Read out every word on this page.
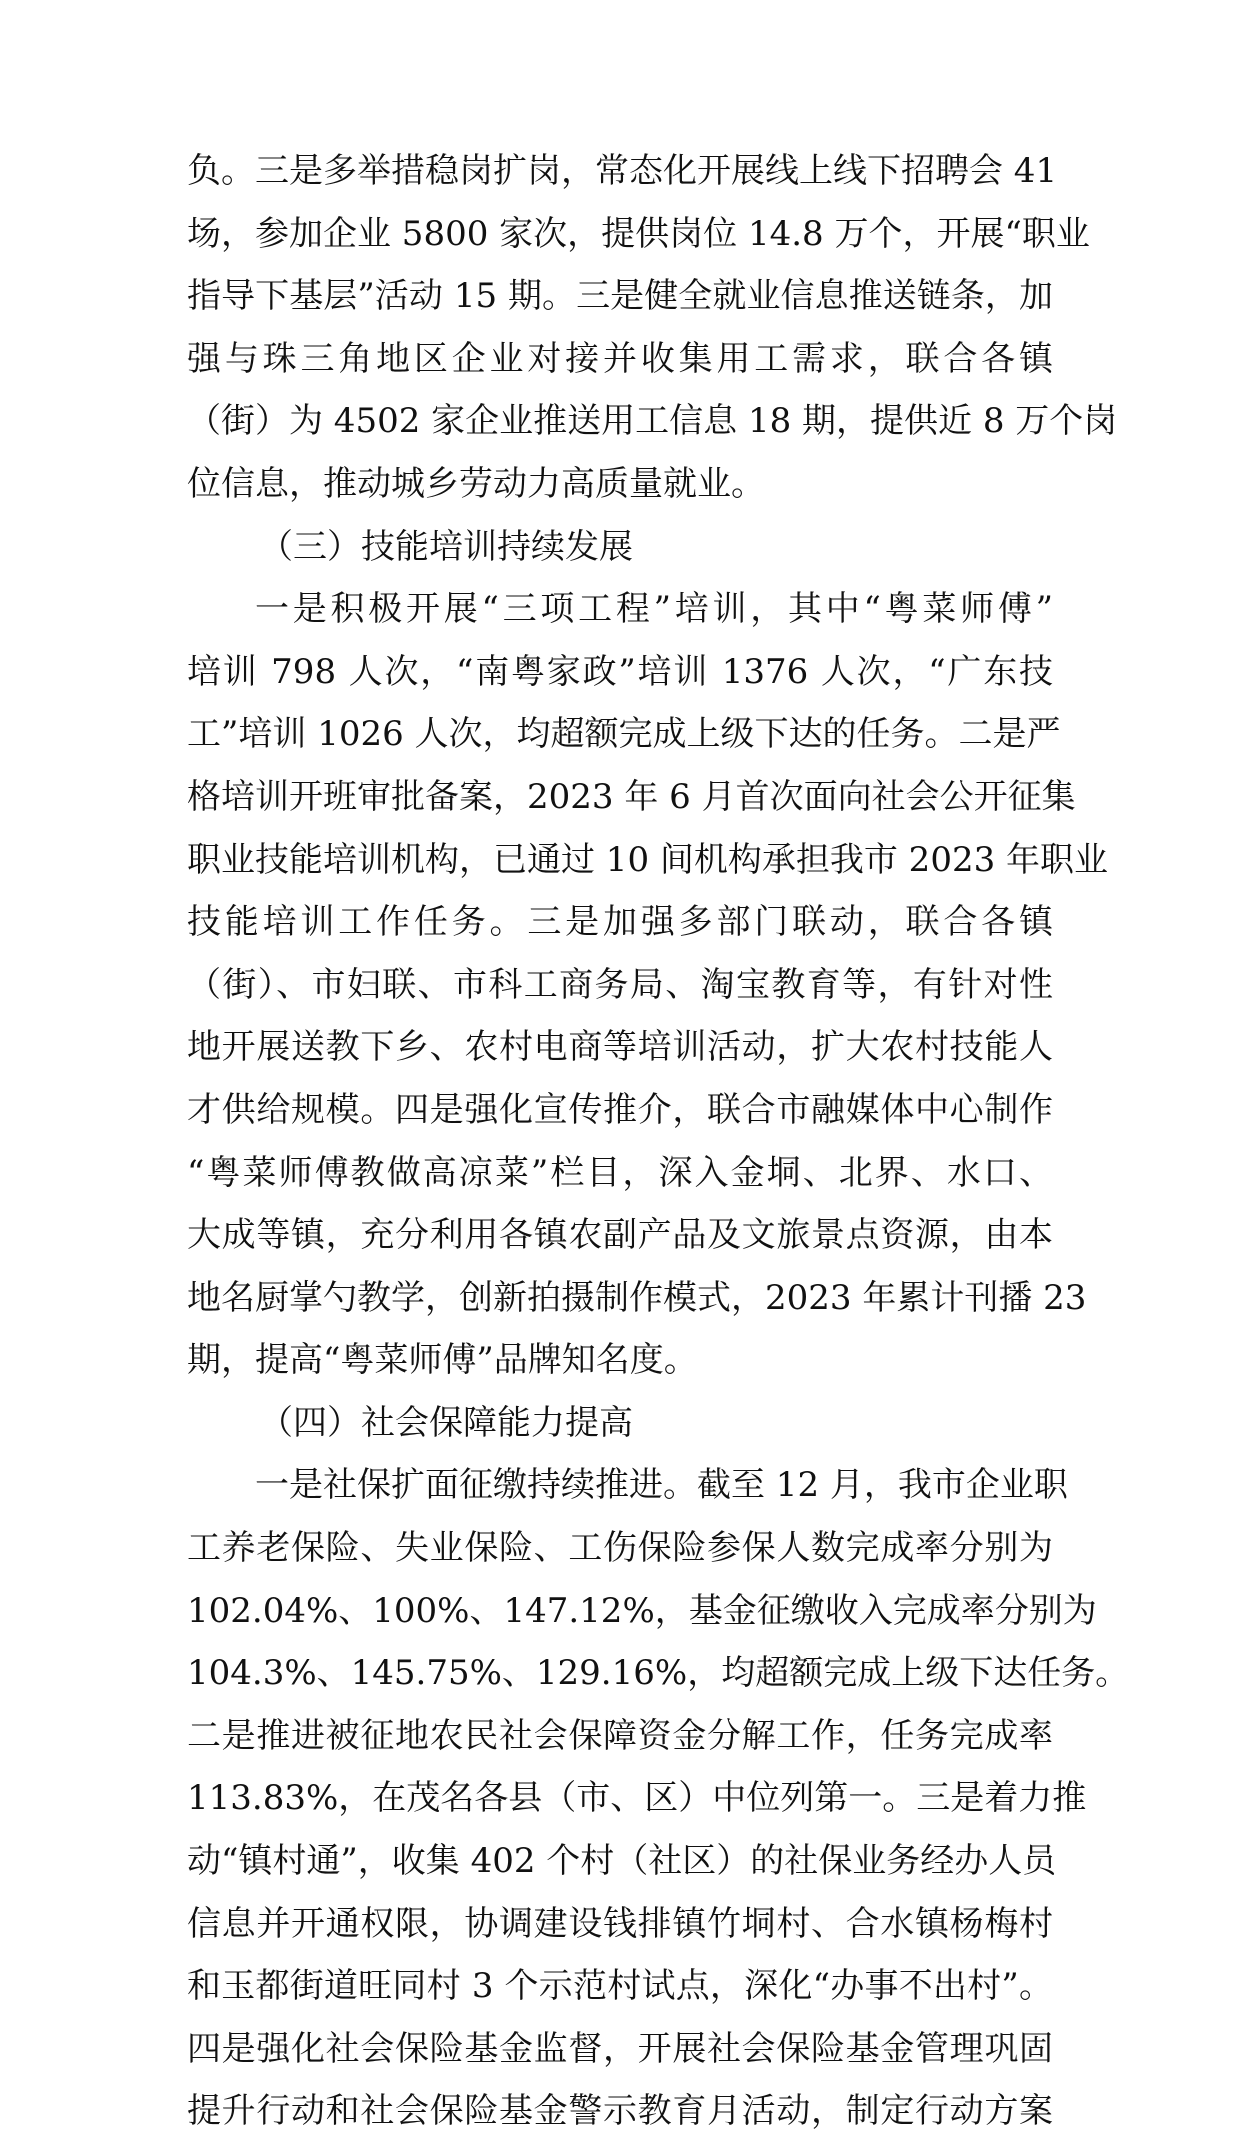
负。三是多举措稳岗扩岗，常态化开展线上线下招聘会 41
场，参加企业 5800 家次，提供岗位 14.8 万个，开展“职业
指导下基层”活动 15 期。三是健全就业信息推送链条，加
强与珠三角地区企业对接并收集用工需求，联合各镇
（街）为 4502 家企业推送用工信息 18 期，提供近 8 万个岗
位信息，推动城乡劳动力高质量就业。
（三）技能培训持续发展
一是积极开展“三项工程”培训，其中“粤菜师傅”
培训 798 人次，“南粤家政”培训 1376 人次，“广东技
工”培训 1026 人次，均超额完成上级下达的任务。二是严
格培训开班审批备案，2023 年 6 月首次面向社会公开征集
职业技能培训机构，已通过 10 间机构承担我市 2023 年职业
技能培训工作任务。三是加强多部门联动，联合各镇
（街）、市妇联、市科工商务局、淘宝教育等，有针对性
地开展送教下乡、农村电商等培训活动，扩大农村技能人
才供给规模。四是强化宣传推介，联合市融媒体中心制作
“粤菜师傅教做高凉菜”栏目，深入金垌、北界、水口、
大成等镇，充分利用各镇农副产品及文旅景点资源，由本
地名厨掌勺教学，创新拍摄制作模式，2023 年累计刊播 23
期，提高“粤菜师傅”品牌知名度。
（四）社会保障能力提高
一是社保扩面征缴持续推进。截至 12 月，我市企业职
工养老保险、失业保险、工伤保险参保人数完成率分别为
102.04%、100%、147.12%，基金征缴收入完成率分别为
104.3%、145.75%、129.16%，均超额完成上级下达任务。
二是推进被征地农民社会保障资金分解工作，任务完成率
113.83%，在茂名各县（市、区）中位列第一。三是着力推
动“镇村通”，收集 402 个村（社区）的社保业务经办人员
信息并开通权限，协调建设钱排镇竹垌村、合水镇杨梅村
和玉都街道旺同村 3 个示范村试点，深化“办事不出村”。
四是强化社会保险基金监督，开展社会保险基金管理巩固
提升行动和社会保险基金警示教育月活动，制定行动方案
